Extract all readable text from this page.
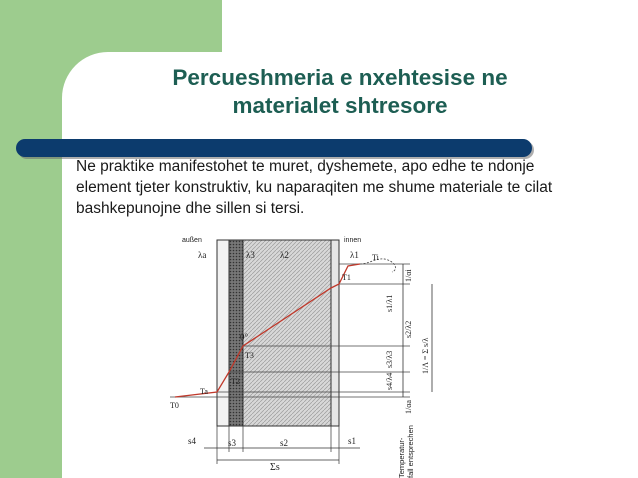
Percueshmeria e nxehtesise ne
materialet shtresore
Ne praktike manifestohet te muret, dyshemete, apo edhe te ndonje element tjeter konstruktiv, ku naparaqiten me shume materiale te cilat bashkepunojne dhe sillen si tersi.
außen	innen
λa	λ3	λ2	λ1 Ti
T1
T3
T2
Ta
T0
0°
1/αi
s1/λ1
s2/λ2
s3/λ3
s4/λ4
1/αa
1/Λ = Σ s/λ
Temperatur- fall entsprechen
s4	s3	s2	s1
Σs
